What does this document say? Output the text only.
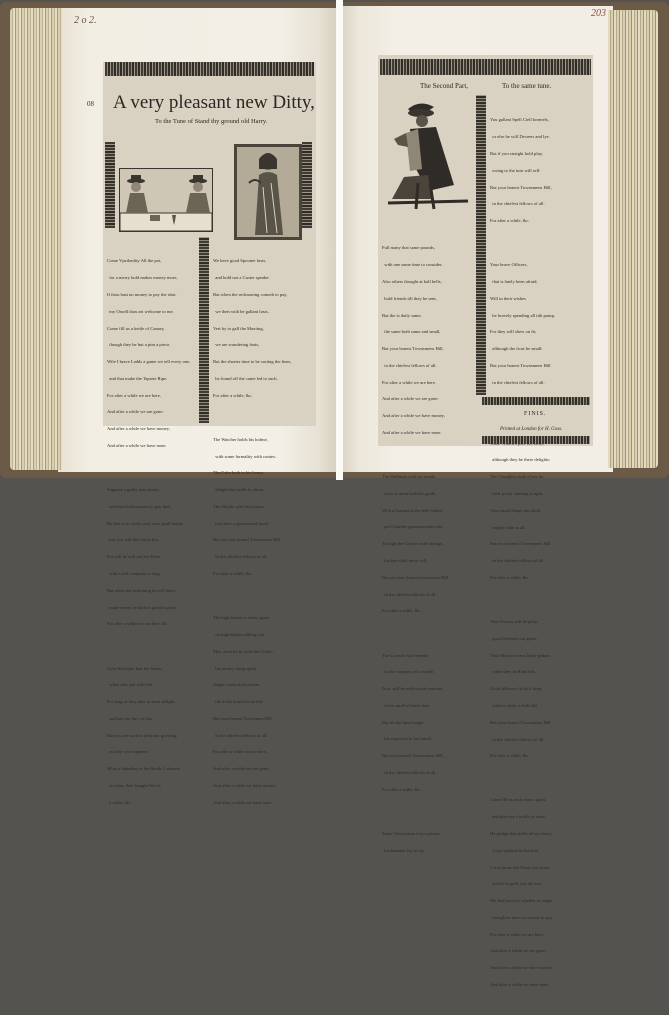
2 o 2.
203
08 A very pleasant new Ditty,
To the Tune of Stand thy ground old Harry.

Come Vpsilonlity All the pot,

for a merry hold makes money more,

If thou hast no money to pay the shot,

my Oasell thou art welcome to me.

Come fill us a kettle of Canary,

though they be but a pint a piece,

Wile I brave Ladds a game we tell every one,

and that make the Tapster Ripe.

For after a while we are here,

And after a while we are gone:

And after a while we have money,

And after a while we have none.

Suppose a guilty man beene,

and then hath meanes to pay thee,

He that is in credit, may now goall inside,

but you will the Castle key.

For still he will call for Wine,

with a full company to sing,

But when the reckoning he will have,

make merry he hath to gaind a good,

For after a while we are here, &c.

Gain Wisdome knit the heads,

when they put with Wit:

For long as they take in from delight,

and has the Jury vs hits.

But you are such to keep our growing,

as they were appeare:

What a Standing of the Smith, Laborers

in other, their bought Wives.

a while, &c.

We have good Spooner lusts,

and hold not a Custer speake:

But when the recknoning cometh to pay,

we then with be gallant lusts.

Vert by to gall the Maxting,

we are wondering feats,

But the shorter time to be sorting the lines,

he found off the came led to such.

For after a while, &c.

The Watcher holds his holme,

with some formality with contes:

The Cake both to his home,

delight the wodis to chose,

The Maylie with his tearms,

but theirs a guaranteed small,

But yet your honest Townsmens Hill,

in the chiefest fellows of all.

For after a while, &c.

The high halure is newly gone,

on high-tempo talking rost:

May often he to weld the Clothe,

his money bring spent.

Sunge a man both cheare,

till to the branches he fall:

But your honest Townsmen Hill,

in the chiefest fellows of all.

For after a while we are here,

And after a while we are gone:

And after a while we have money,

And after a while we have none.

The Second Part,	To the same tune.

Full many that same pounds,

with one same time to consider,

Also others thought at hall bells,

hold friends till they be sent,

But the is daily same,

the same both same and small,

But your honest Townsmens Hill,

in the chiefest fellows of all.

For after a while we are here,

And after a while we are gone:

And after a while we have money,

And after a while we have none.

The Shillman with his maide,

each of them hath the gaide,

With a louquet in the hele hobbe,

per Chimble gratiousments ride,

Though the Courtes rulle change,

his fate shall never fall,

But yet your honest townsmens Hill

in the chiefest fellows of all.

For after a while, &c.

The Courtier hall intende

to the company of a maide,

Now will he with words entreate,

if the small of that's lost:

But let the Sport begin,

his expences to last small,

But your honest Townsmens Hill,

in the chiefest fellows of all.

For after a while, &c.

Some Towes-men if you please,

his hammer lay to try,

You gallant Spell Ciell hormels,

or else he will Decrees and lye.

But if you straight hold play,

swing to the turn will sell:

But your honest Townsmens Hill,

in the chiefest fellows of all.

For after a while, &c.

Your brave Officers,

that is lately been afraid,

Will in their wishes

be bravely spending all tith pomp,

For they will shew on fit,

although the frost be small:

But your honest Townsmens Hill

in the chiefest fellows of all.

although they be there delights:

The Chandlers both if bee be,

their pretty cunning it right,

Your small things into hold

mighty take at all:

But your honest Townsmens Hill

in the chiefest fellows of all.

For after a while, &c.

Your Porters will be plain,

good fellowes our guest:

Your Mistrys terms leash-pedant,

when they in Hind holt,

Good fellowes fit do it keep,

when to their is Still fall:

But your honest Townsmens Hill

in the chiefest fellows of all.

For after a while, &c.

Come fill us each man a quart,

and give me a bottle of wine:

He pledge that holds all my heart,

if our rightest be but line.

Let no bone the Tester see alone,

and he it spell, bye all way:

We shall not see whether to ruppe,

though he have no money to pay.

For after a while we are here,

And after a while we are gone:

And after a while we have money,

And after a while we have none.

FINIS.
Printed at London for H. Goss.
